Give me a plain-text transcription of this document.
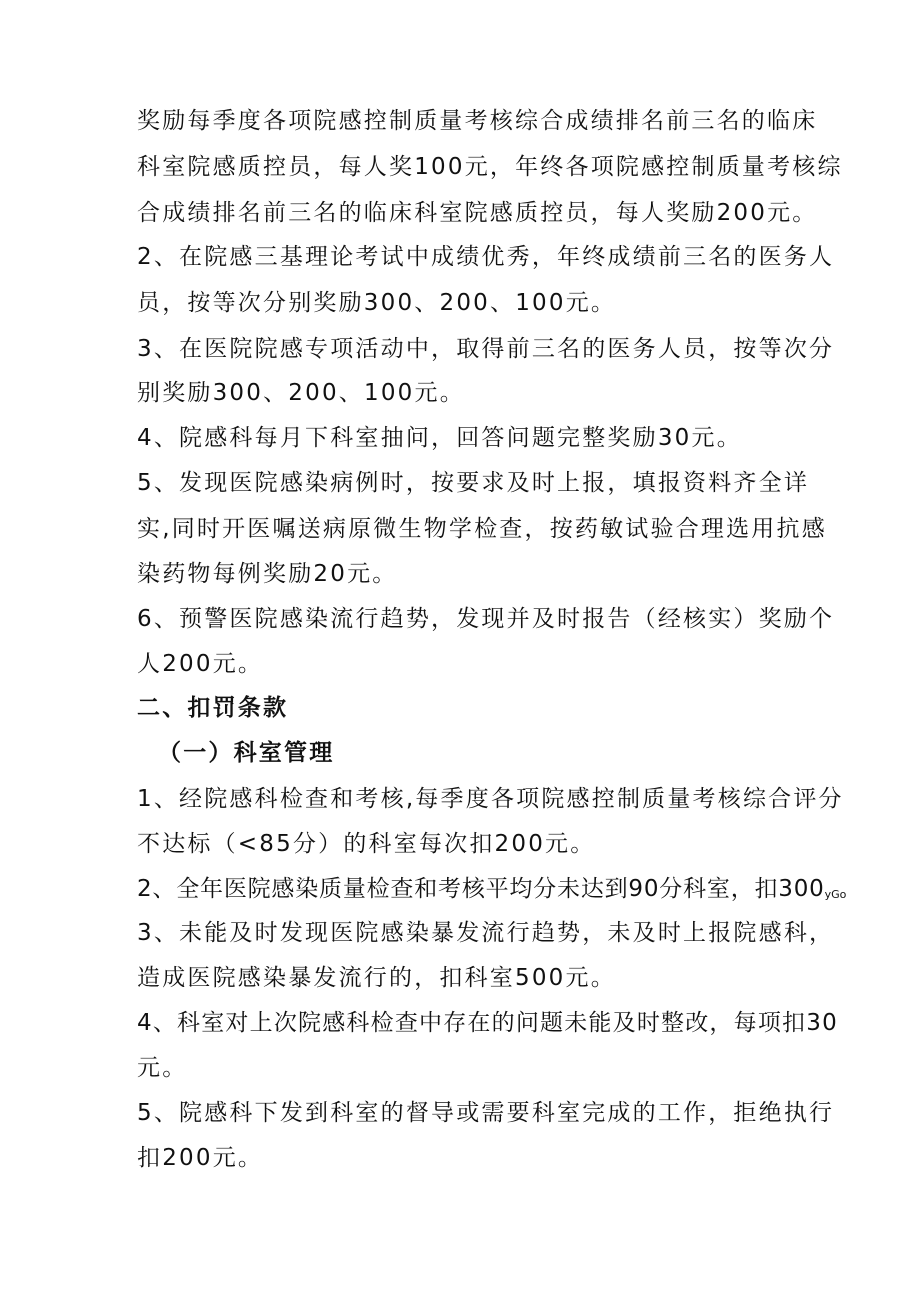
奖励每季度各项院感控制质量考核综合成绩排名前三名的临床
科室院感质控员，每人奖100元，年终各项院感控制质量考核综
合成绩排名前三名的临床科室院感质控员，每人奖励200元。
2、在院感三基理论考试中成绩优秀，年终成绩前三名的医务人
员，按等次分别奖励300、200、100元。
3、在医院院感专项活动中，取得前三名的医务人员，按等次分
别奖励300、200、100元。
4、院感科每月下科室抽问，回答问题完整奖励30元。
5、发现医院感染病例时，按要求及时上报，填报资料齐全详
实,同时开医嘱送病原微生物学检查，按药敏试验合理选用抗感
染药物每例奖励20元。
6、预警医院感染流行趋势，发现并及时报告（经核实）奖励个
人200元。
二、扣罚条款
（一）科室管理
1、经院感科检查和考核,每季度各项院感控制质量考核综合评分
不达标（<85分）的科室每次扣200元。
2、全年医院感染质量检查和考核平均分未达到90分科室，扣300yGo
3、未能及时发现医院感染暴发流行趋势，未及时上报院感科，
造成医院感染暴发流行的，扣科室500元。
4、科室对上次院感科检查中存在的问题未能及时整改，每项扣30
元。
5、院感科下发到科室的督导或需要科室完成的工作，拒绝执行
扣200元。
